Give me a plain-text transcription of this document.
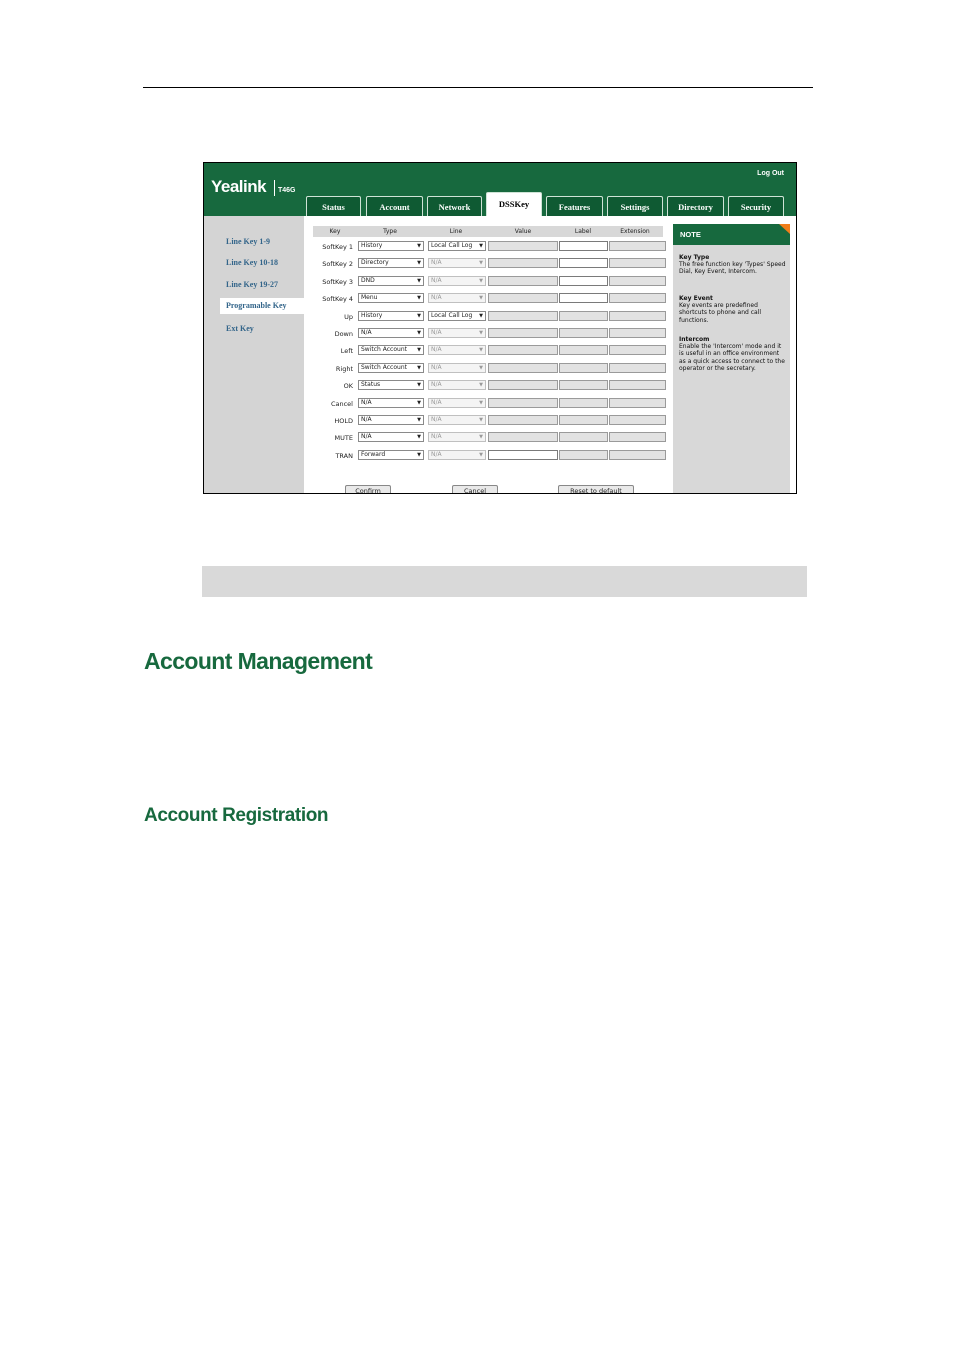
Yealink T46G
Log Out
Status	Account	Network	DSSKey	Features	Settings	Directory	Security
Line Key 1-9
Line Key 10-18
Line Key 19-27
Programable Key
Ext Key
Key	Type	Line	Value	Label	Extension
SoftKey 1	History	▼	Local Call Log ▼
SoftKey 2	Directory	▼	N/A	▼
SoftKey 3	DND	▼	N/A	▼
SoftKey 4	Menu	▼	N/A	▼
Up	History	▼	Local Call Log ▼
Down	N/A	▼	N/A	▼
Left	Switch Account ▼	N/A	▼
Right	Switch Account ▼	N/A	▼
OK	Status	▼	N/A	▼
Cancel	N/A	▼	N/A	▼
HOLD	N/A	▼	N/A	▼
MUTE	N/A	▼	N/A	▼
TRAN	Forward	▼	N/A	▼
Confirm	Cancel	Reset to default
NOTE
Key Type
The free function key 'Types' Speed Dial, Key Event, Intercom.
Key Event
Key events are predefined shortcuts to phone and call functions.
Intercom
Enable the 'Intercom' mode and it is useful in an office environment as a quick access to connect to the operator or the secretary.
Account Management
Account Registration
